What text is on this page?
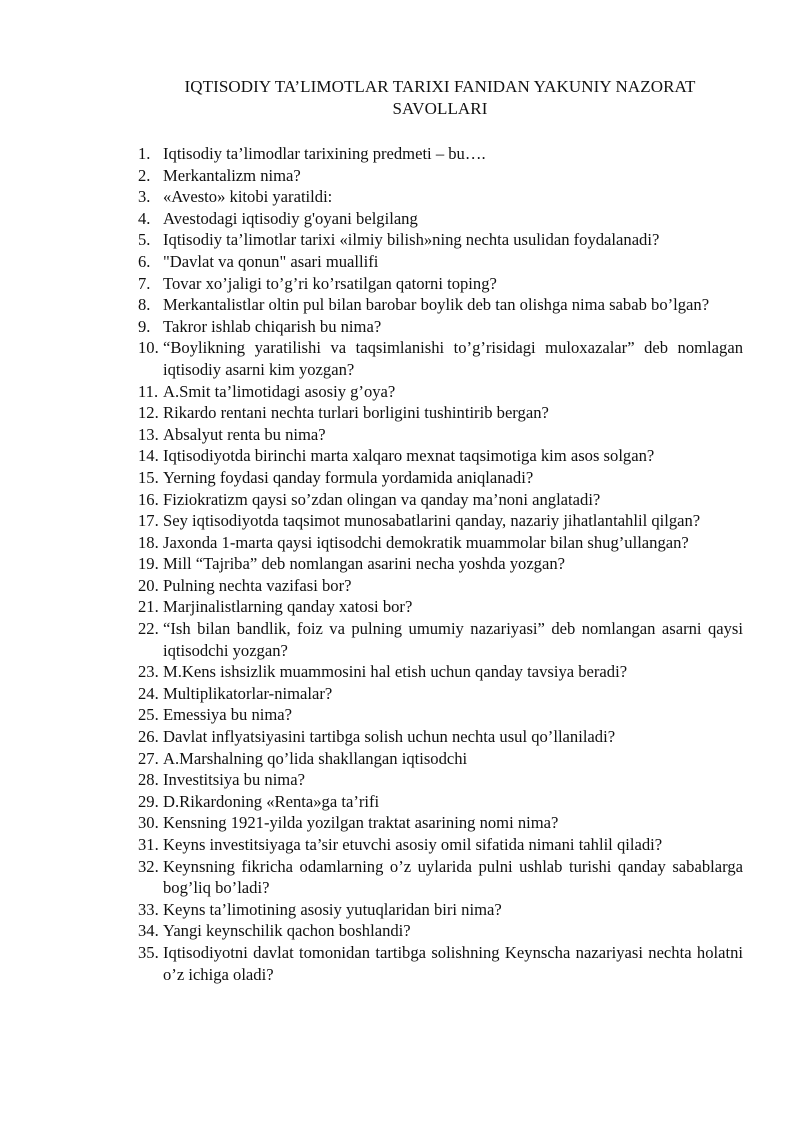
IQTISODIY TA’LIMOTLAR TARIXI FANIDAN YAKUNIY NAZORAT
SAVOLLARI
1. Iqtisodiy ta’limodlar tarixining predmeti – bu….
2. Merkantalizm nima?
3. «Avesto» kitobi yaratildi:
4. Avestodagi iqtisodiy g'oyani belgilang
5. Iqtisodiy ta’limotlar tarixi «ilmiy bilish»ning nechta usulidan foydalanadi?
6. "Davlat va qonun" asari muallifi
7. Tovar xo’jaligi to’g’ri ko’rsatilgan qatorni toping?
8. Merkantalistlar oltin pul bilan barobar boylik deb tan olishga nima sabab bo’lgan?
9. Takror ishlab chiqarish bu nima?
10. “Boylikning yaratilishi va taqsimlanishi to’g’risidagi muloxazalar” deb nomlagan iqtisodiy asarni kim yozgan?
11. A.Smit ta’limotidagi asosiy g’oya?
12. Rikardo rentani nechta turlari borligini tushintirib bergan?
13. Absalyut renta bu nima?
14. Iqtisodiyotda birinchi marta xalqaro mexnat taqsimotiga kim asos solgan?
15. Yerning foydasi qanday formula yordamida aniqlanadi?
16. Fiziokratizm qaysi so’zdan olingan va qanday ma’noni anglatadi?
17. Sey iqtisodiyotda taqsimot munosabatlarini qanday, nazariy jihatlantahlil qilgan?
18. Jaxonda 1-marta qaysi iqtisodchi demokratik muammolar bilan shug’ullangan?
19. Mill “Tajriba” deb nomlangan asarini necha yoshda yozgan?
20. Pulning nechta vazifasi bor?
21. Marjinalistlarning qanday xatosi bor?
22. “Ish bilan bandlik, foiz va pulning umumiy nazariyasi” deb nomlangan asarni qaysi iqtisodchi yozgan?
23. M.Kens ishsizlik muammosini hal etish uchun qanday tavsiya beradi?
24. Multiplikatorlar-nimalar?
25. Emessiya bu nima?
26. Davlat inflyatsiyasini tartibga solish uchun nechta usul qo’llaniladi?
27. A.Marshalning qo’lida shakllangan iqtisodchi
28. Investitsiya bu nima?
29. D.Rikardoning «Renta»ga ta’rifi
30. Kensning 1921-yilda yozilgan traktat asarining nomi nima?
31. Keyns investitsiyaga ta’sir etuvchi asosiy omil sifatida nimani tahlil qiladi?
32. Keynsning fikricha odamlarning o’z uylarida pulni ushlab turishi qanday sabablarga bog’liq bo’ladi?
33. Keyns ta’limotining asosiy yutuqlaridan biri nima?
34. Yangi keynschilik qachon boshlandi?
35. Iqtisodiyotni davlat tomonidan tartibga solishning Keynscha nazariyasi nechta holatni o’z ichiga oladi?
